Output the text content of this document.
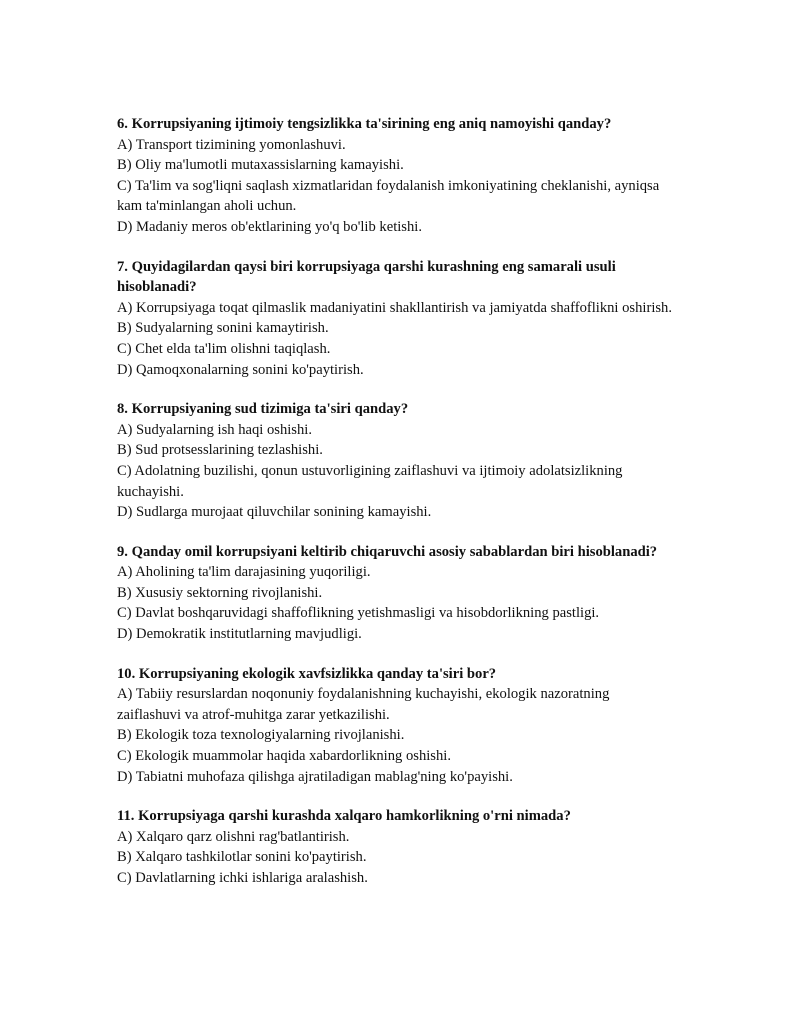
6. Korrupsiyaning ijtimoiy tengsizlikka ta'sirining eng aniq namoyishi qanday?

A) Transport tizimining yomonlashuvi.

B) Oliy ma'lumotli mutaxassislarning kamayishi.

C) Ta'lim va sog'liqni saqlash xizmatlaridan foydalanish imkoniyatining cheklanishi, ayniqsa kam ta'minlangan aholi uchun.

D) Madaniy meros ob'ektlarining yo'q bo'lib ketishi.

7. Quyidagilardan qaysi biri korrupsiyaga qarshi kurashning eng samarali usuli hisoblanadi?

A) Korrupsiyaga toqat qilmaslik madaniyatini shakllantirish va jamiyatda shaffoflikni oshirish.

B) Sudyalarning sonini kamaytirish.

C) Chet elda ta'lim olishni taqiqlash.

D) Qamoqxonalarning sonini ko'paytirish.

8. Korrupsiyaning sud tizimiga ta'siri qanday?

A) Sudyalarning ish haqi oshishi.

B) Sud protsesslarining tezlashishi.

C) Adolatning buzilishi, qonun ustuvorligining zaiflashuvi va ijtimoiy adolatsizlikning kuchayishi.

D) Sudlarga murojaat qiluvchilar sonining kamayishi.

9. Qanday omil korrupsiyani keltirib chiqaruvchi asosiy sabablardan biri hisoblanadi?

A) Aholining ta'lim darajasining yuqoriligi.

B) Xususiy sektorning rivojlanishi.

C) Davlat boshqaruvidagi shaffoflikning yetishmasligi va hisobdorlikning pastligi.

D) Demokratik institutlarning mavjudligi.

10. Korrupsiyaning ekologik xavfsizlikka qanday ta'siri bor?

A) Tabiiy resurslardan noqonuniy foydalanishning kuchayishi, ekologik nazoratning zaiflashuvi va atrof-muhitga zarar yetkazilishi.

B) Ekologik toza texnologiyalarning rivojlanishi.

C) Ekologik muammolar haqida xabardorlikning oshishi.

D) Tabiatni muhofaza qilishga ajratiladigan mablag'ning ko'payishi.

11. Korrupsiyaga qarshi kurashda xalqaro hamkorlikning o'rni nimada?

A) Xalqaro qarz olishni rag'batlantirish.

B) Xalqaro tashkilotlar sonini ko'paytirish.

C) Davlatlarning ichki ishlariga aralashish.
